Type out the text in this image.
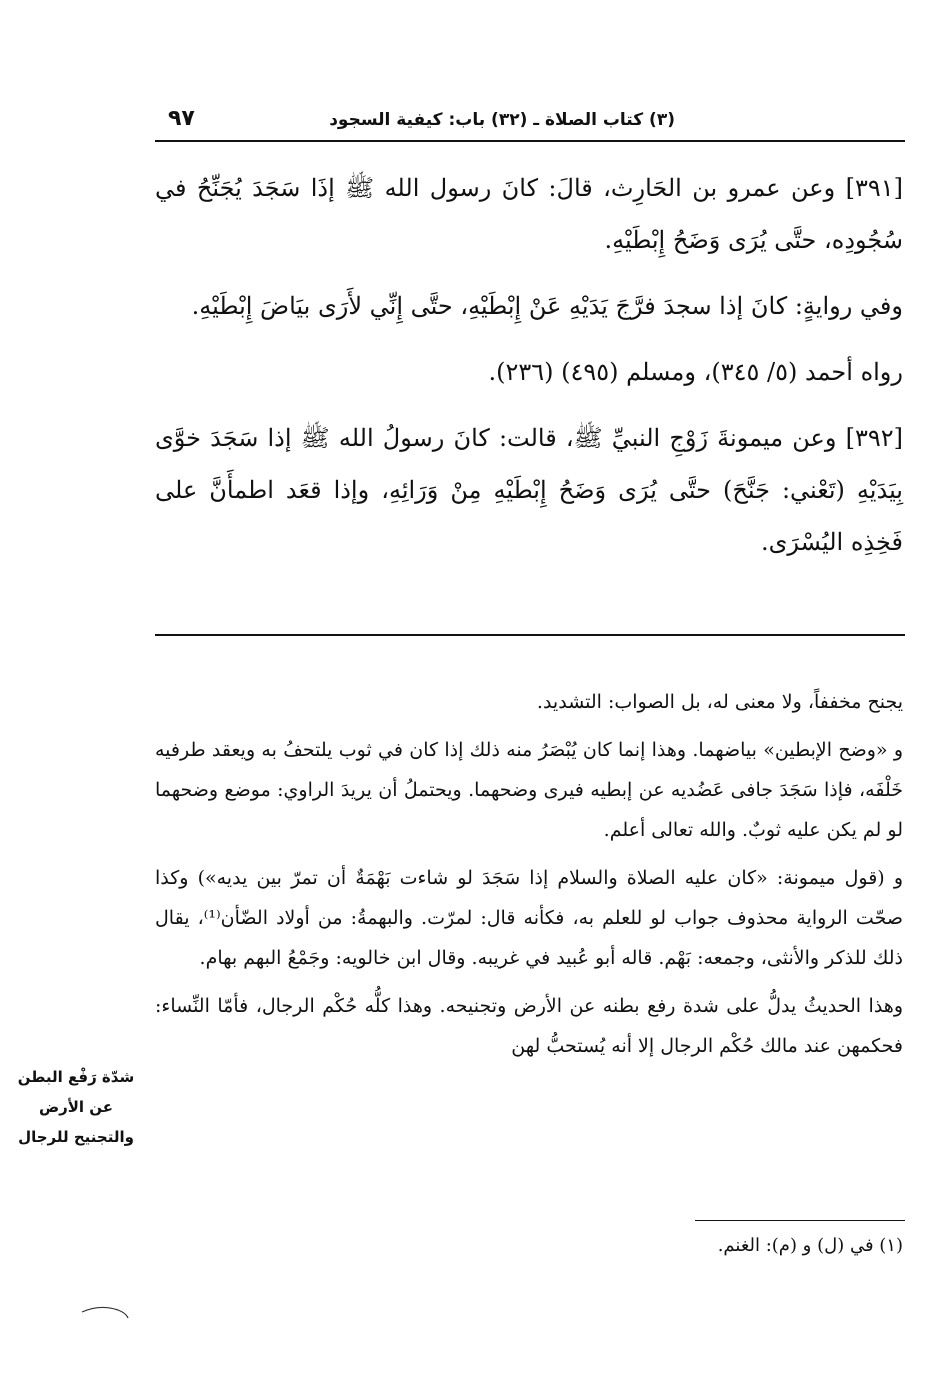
(٣) كتاب الصلاة ـ (٣٢) باب: كيفية السجود
٩٧

[٣٩١] وعن عمرو بن الحَارِث، قالَ: كانَ رسول الله ﷺ إذَا سَجَدَ يُجَنِّحُ في سُجُودِه، حتَّى يُرَى وَضَحُ إِبْطَيْهِ.

وفي روايةٍ: كانَ إذا سجدَ فرَّجَ يَدَيْهِ عَنْ إِبْطَيْهِ، حتَّى إِنِّي لأَرَى بيَاضَ إِبْطَيْهِ.

رواه أحمد (٥/ ٣٤٥)، ومسلم (٤٩٥) (٢٣٦).

[٣٩٢] وعن ميمونةَ زَوْجِ النبيِّ ﷺ، قالت: كانَ رسولُ الله ﷺ إذا سَجَدَ خوَّى بِيَدَيْهِ (تَعْني: جَنَّحَ) حتَّى يُرَى وَضَحُ إِبْطَيْهِ مِنْ وَرَائِهِ، وإذا قعَد اطمأَنَّ على فَخِذِه اليُسْرَى.

يجنح مخففاً، ولا معنى له، بل الصواب: التشديد.

و «وضح الإبطين» بياضهما. وهذا إنما كان يُبْصَرُ منه ذلك إذا كان في ثوب يلتحفُ به ويعقد طرفيه خَلْفَه، فإذا سَجَدَ جافى عَضُديه عن إبطيه فيرى وضحهما. ويحتملُ أن يريدَ الراوي: موضع وضحهما لو لم يكن عليه ثوبٌ. والله تعالى أعلم.

و (قول ميمونة: «كان عليه الصلاة والسلام إذا سَجَدَ لو شاءت بَهْمَةٌ أن تمرّ بين يديه») وكذا صحّت الرواية محذوف جواب لو للعلم به، فكأنه قال: لمرّت. والبهمةُ: من أولاد الضّأن⁽¹⁾، يقال ذلك للذكر والأنثى، وجمعه: بَهْم. قاله أبو عُبيد في غريبه. وقال ابن خالويه: وجَمْعُ البهم بهام.

وهذا الحديثُ يدلُّ على شدة رفع بطنه عن الأرض وتجنيحه. وهذا كلُّه حُكْم الرجال، فأمّا النِّساء: فحكمهن عند مالك حُكْم الرجال إلا أنه يُستحبُّ لهن

شدّة رَفْع البطن
عن الأرض
والتجنيح للرجال
(١) في (ل) و (م): الغنم.
